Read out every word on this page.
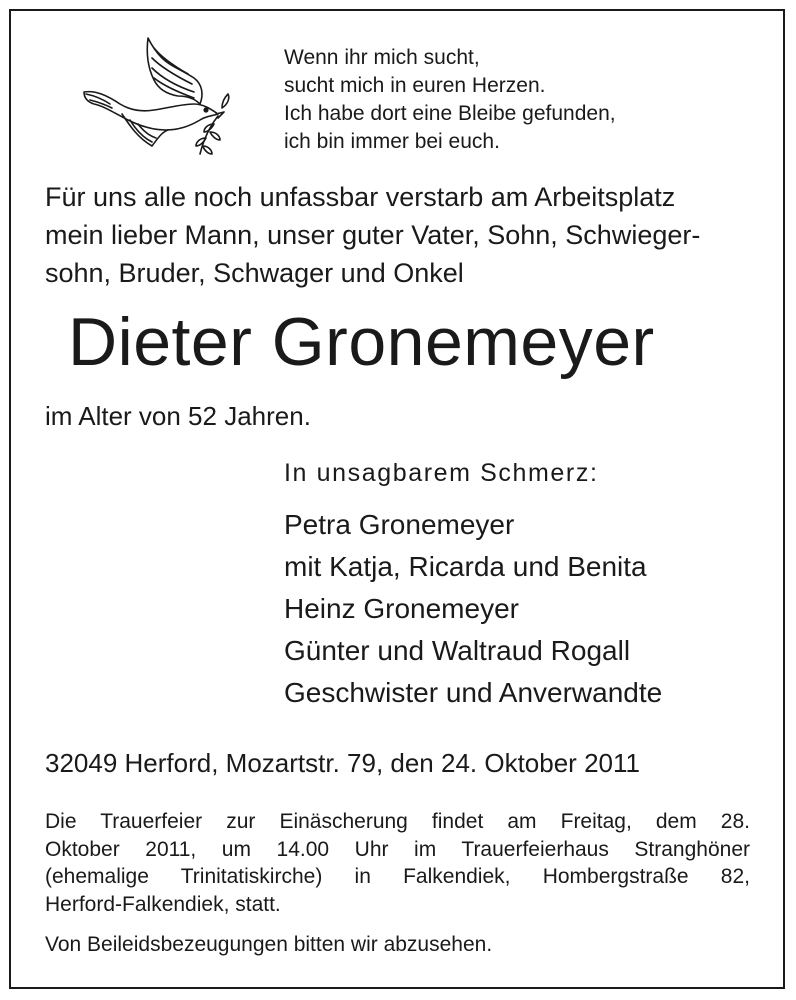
Wenn ihr mich sucht,
sucht mich in euren Herzen.
Ich habe dort eine Bleibe gefunden,
ich bin immer bei euch.
Für uns alle noch unfassbar verstarb am Arbeitsplatz
mein lieber Mann, unser guter Vater, Sohn, Schwieger-
sohn, Bruder, Schwager und Onkel
Dieter Gronemeyer
im Alter von 52 Jahren.
In unsagbarem Schmerz:
Petra Gronemeyer
mit Katja, Ricarda und Benita
Heinz Gronemeyer
Günter und Waltraud Rogall
Geschwister und Anverwandte
32049 Herford, Mozartstr. 79, den 24. Oktober 2011
Die Trauerfeier zur Einäscherung findet am Freitag, dem 28.
Oktober 2011, um 14.00 Uhr im Trauerfeierhaus Stranghöner
(ehemalige Trinitatiskirche) in Falkendiek, Hombergstraße 82,
Herford-Falkendiek, statt.
Von Beileidsbezeugungen bitten wir abzusehen.
